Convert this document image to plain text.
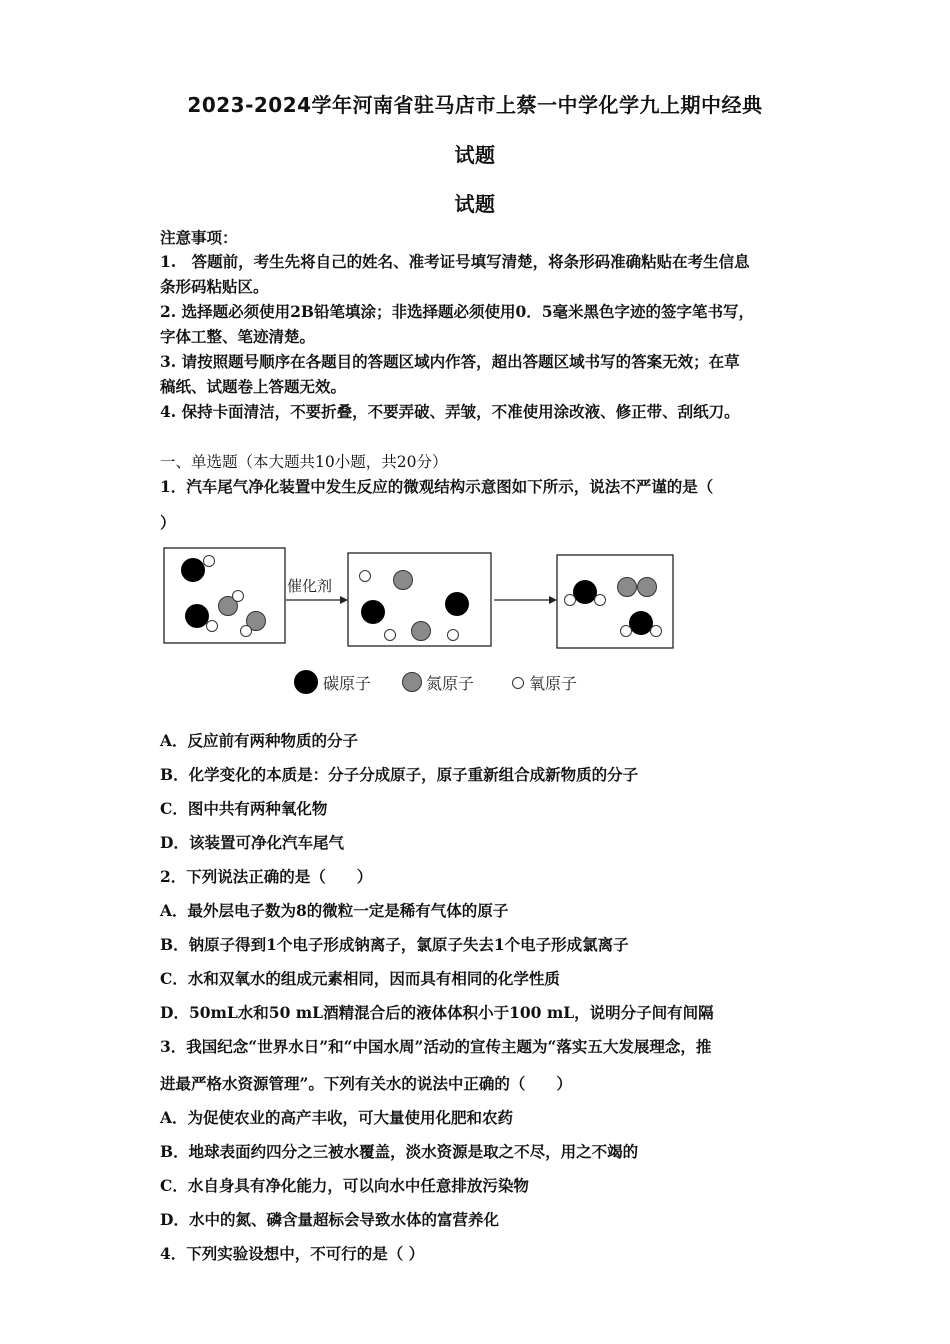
2023-2024学年河南省驻马店市上蔡一中学化学九上期中经典
试题
试题
注意事项：
1.　答题前，考生先将自己的姓名、准考证号填写清楚，将条形码准确粘贴在考生信息
条形码粘贴区。
2. 选择题必须使用2B铅笔填涂；非选择题必须使用0．5毫米黑色字迹的签字笔书写，
字体工整、笔迹清楚。
3. 请按照题号顺序在各题目的答题区域内作答，超出答题区域书写的答案无效；在草
稿纸、试题卷上答题无效。
4. 保持卡面清洁，不要折叠，不要弄破、弄皱，不准使用涂改液、修正带、刮纸刀。
一、单选题（本大题共10小题，共20分）
1．汽车尾气净化装置中发生反应的微观结构示意图如下所示，说法不严谨的是（
）
催化剂
碳原子	氮原子	氧原子
A．反应前有两种物质的分子
B．化学变化的本质是：分子分成原子，原子重新组合成新物质的分子
C．图中共有两种氧化物
D．该装置可净化汽车尾气
2．下列说法正确的是（　　）
A．最外层电子数为8的微粒一定是稀有气体的原子
B．钠原子得到1个电子形成钠离子，氯原子失去1个电子形成氯离子
C．水和双氧水的组成元素相同，因而具有相同的化学性质
D．50mL水和50 mL酒精混合后的液体体积小于100 mL，说明分子间有间隔
3．我国纪念“世界水日”和“中国水周”活动的宣传主题为“落实五大发展理念，推
进最严格水资源管理”。下列有关水的说法中正确的（　　）
A．为促使农业的高产丰收，可大量使用化肥和农药
B．地球表面约四分之三被水覆盖，淡水资源是取之不尽，用之不竭的
C．水自身具有净化能力，可以向水中任意排放污染物
D．水中的氮、磷含量超标会导致水体的富营养化
4．下列实验设想中，不可行的是（ ）
